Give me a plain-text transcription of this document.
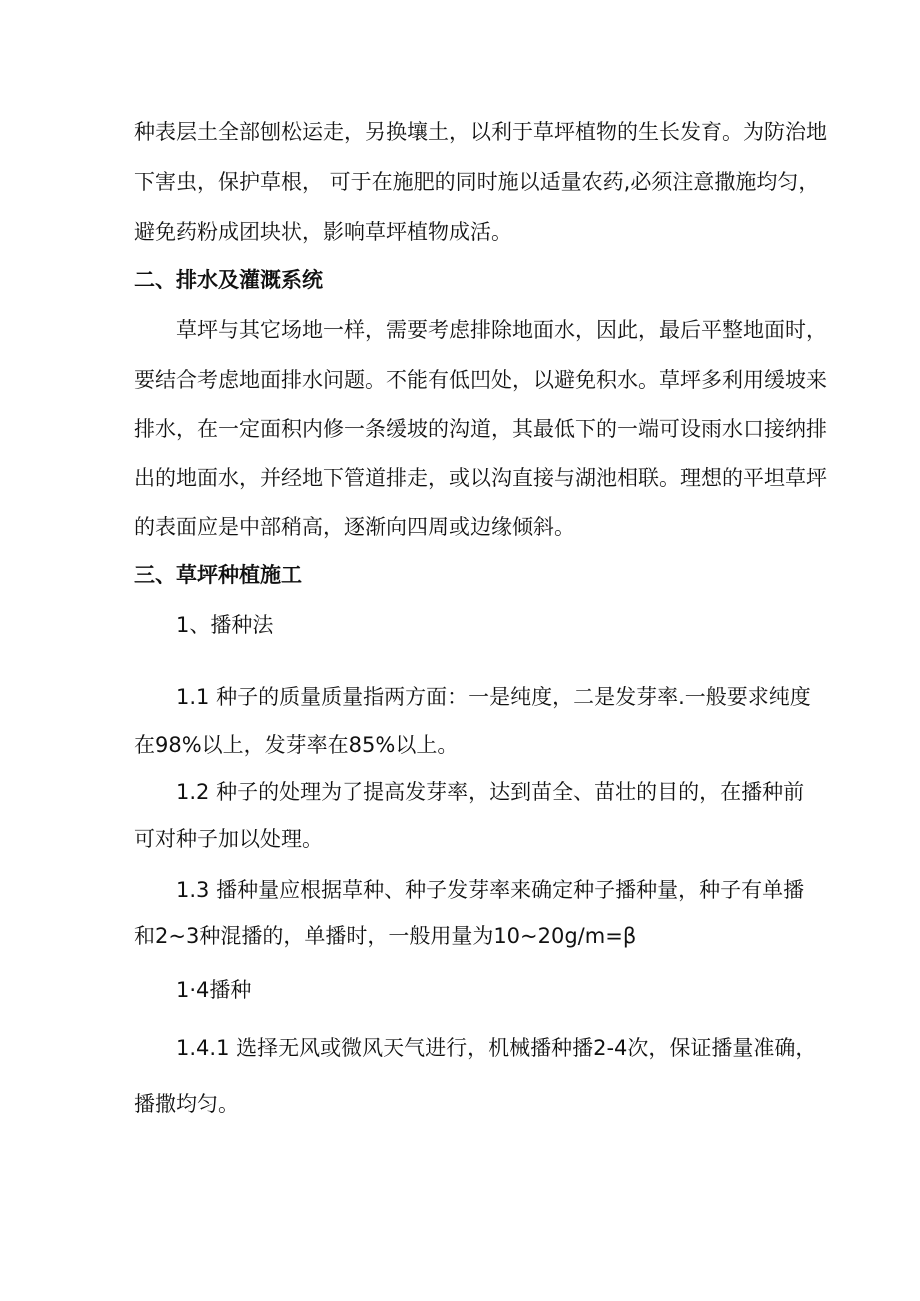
种表层土全部刨松运走，另换壤土，以利于草坪植物的生长发育。为防治地

下害虫，保护草根， 可于在施肥的同时施以适量农药,必须注意撒施均匀，

避免药粉成团块状，影响草坪植物成活。

二、排水及灌溉系统

草坪与其它场地一样，需要考虑排除地面水，因此，最后平整地面时，

要结合考虑地面排水问题。不能有低凹处，以避免积水。草坪多利用缓坡来

排水，在一定面积内修一条缓坡的沟道，其最低下的一端可设雨水口接纳排

出的地面水，并经地下管道排走，或以沟直接与湖池相联。理想的平坦草坪

的表面应是中部稍高，逐渐向四周或边缘倾斜。

三、草坪种植施工

1、播种法

1.1 种子的质量质量指两方面：一是纯度，二是发芽率.一般要求纯度

在98%以上，发芽率在85%以上。

1.2 种子的处理为了提高发芽率，达到苗全、苗壮的目的，在播种前

可对种子加以处理。

1.3 播种量应根据草种、种子发芽率来确定种子播种量，种子有单播

和2~3种混播的，单播时，一般用量为10~20g/m=β

1·4播种

1.4.1 选择无风或微风天气进行，机械播种播2-4次，保证播量准确，

播撒均匀。
